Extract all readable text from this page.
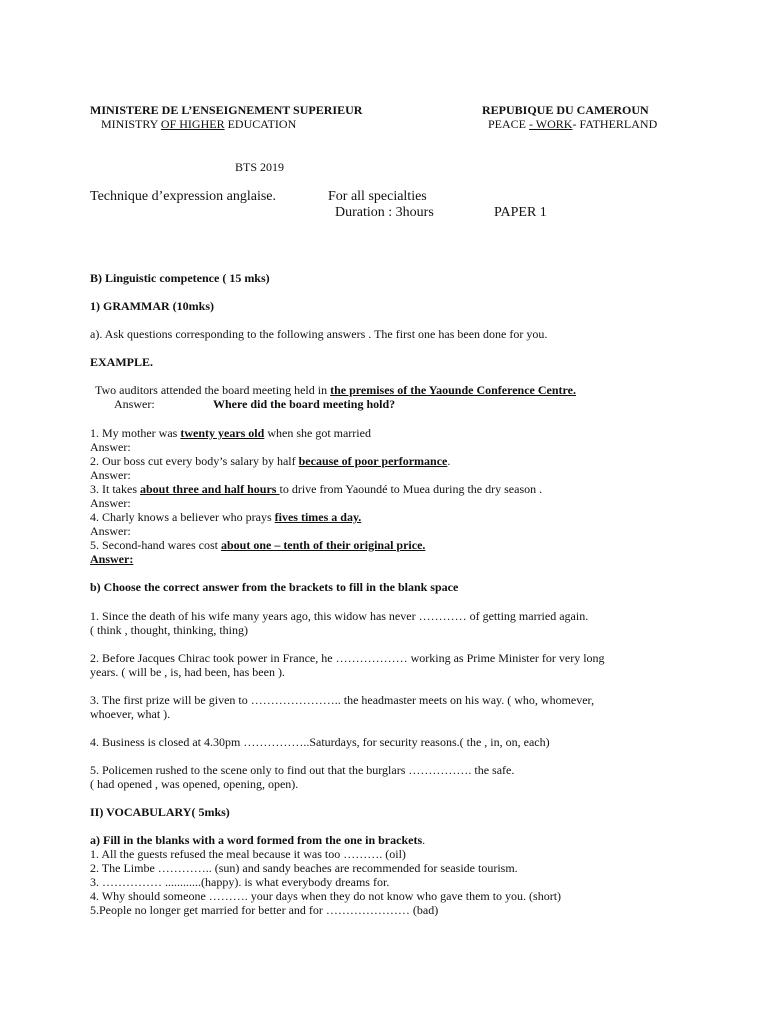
MINISTERE DE L’ENSEIGNEMENT SUPERIEUR
MINISTRY OF HIGHER EDUCATION
REPUBIQUE DU CAMEROUN
PEACE - WORK- FATHERLAND
BTS 2019
Technique d’expression anglaise.	For all specialties
Duration : 3hours	PAPER 1
B) Linguistic competence ( 15 mks)
1) GRAMMAR (10mks)
a). Ask questions corresponding to the following answers . The first one has been done for you.
EXAMPLE.
Two auditors attended the board meeting held in the premises of the Yaounde Conference Centre.
Answer:	Where did the board meeting hold?
1. My mother was twenty years old when she got married
Answer:
2. Our boss cut every body’s salary by half because of poor performance.
Answer:
3. It takes about three and half hours to drive from Yaoundé to Muea during the dry season .
Answer:
4. Charly knows a believer who prays fives times a day.
Answer:
5. Second-hand wares cost about one – tenth of their original price.
Answer:
b) Choose the correct answer from the brackets to fill in the blank space
1. Since the death of his wife many years ago, this widow has never ………… of getting married again.
( think , thought, thinking, thing)
2. Before Jacques Chirac took power in France, he ……………… working as Prime Minister for very long
years. ( will be , is, had been, has been ).
3. The first prize will be given to ………………….. the headmaster meets on his way. ( who, whomever,
whoever, what ).
4. Business is closed at 4.30pm ……………..Saturdays, for security reasons.( the , in, on, each)
5. Policemen rushed to the scene only to find out that the burglars ……………. the safe.
( had opened , was opened, opening, open).
II) VOCABULARY( 5mks)
a) Fill in the blanks with a word formed from the one in brackets.
1. All the guests refused the meal because it was too ………. (oil)
2. The Limbe ………….. (sun) and sandy beaches are recommended for seaside tourism.
3. …………… ............(happy). is what everybody dreams for.
4. Why should someone ………. your days when they do not know who gave them to you. (short)
5.People no longer get married for better and for ………………… (bad)
